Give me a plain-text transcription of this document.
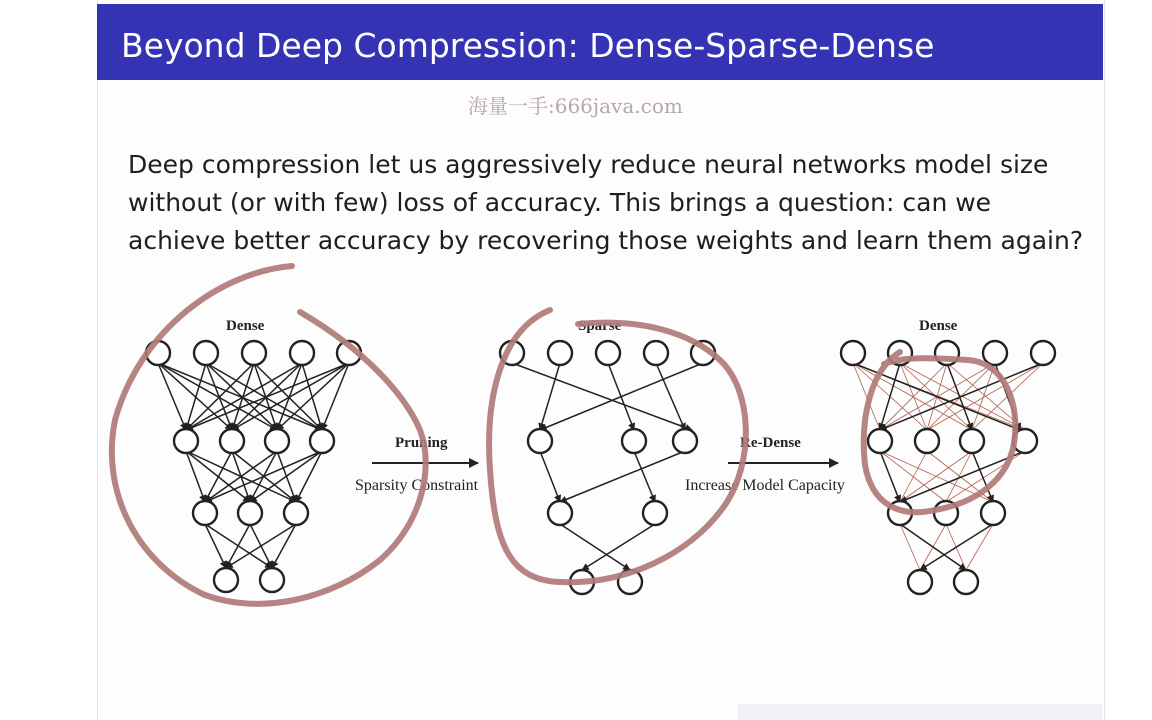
Beyond Deep Compression: Dense-Sparse-Dense
海量一手:666java.com
Deep compression let us aggressively reduce neural networks model size without (or with few) loss of accuracy. This brings a question: can we achieve better accuracy by recovering those weights and learn them again?
Dense
Pruning
Sparsity Constraint
Sparse
Re-Dense
Increase Model Capacity
Dense
